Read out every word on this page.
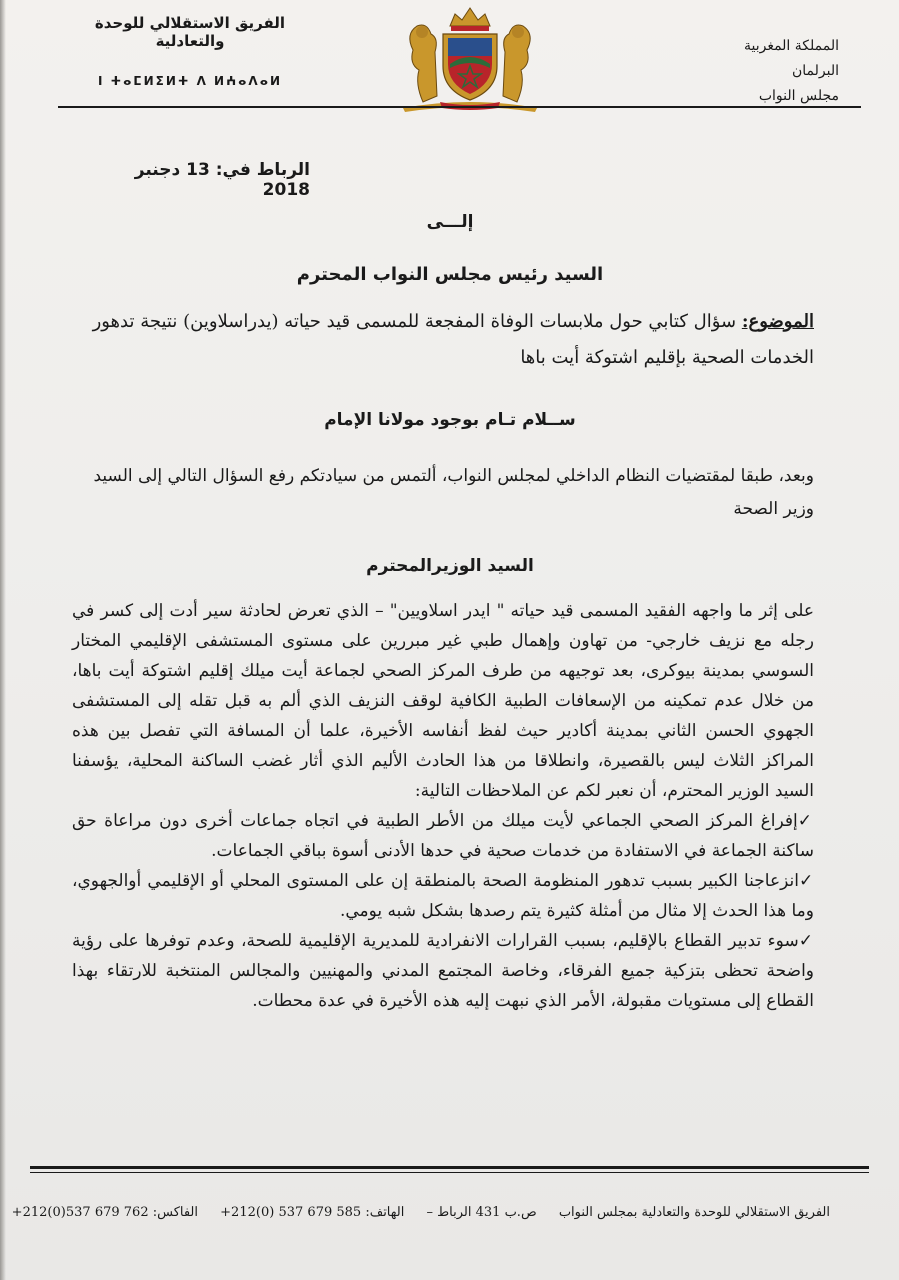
الفريق الاستقلالي للوحدة والتعادلية
ⵏ ⵜⴰⵎⵍⵉⵍⵜ ⴷ ⵍⵄⴰⴷⴰⵍ
المملكة المغربية
البرلمان
مجلس النواب
الرباط في: 13 دجنبر 2018
إلـــى
السيد رئيس مجلس النواب المحترم
الموضوع: سؤال كتابي حول ملابسات الوفاة المفجعة للمسمى قيد حياته (يدراسلاوين) نتيجة تدهور الخدمات الصحية بإقليم اشتوكة أيت باها
ســلام تـام بوجود مولانا الإمام
وبعد، طبقا لمقتضيات النظام الداخلي لمجلس النواب، ألتمس من سيادتكم رفع السؤال التالي إلى السيد وزير الصحة
السيد الوزيرالمحترم

على إثر ما واجهه الفقيد المسمى قيد حياته " ايدر اسلاويين" – الذي تعرض لحادثة سير أدت إلى كسر في رجله مع نزيف خارجي- من تهاون وإهمال طبي غير مبررين على مستوى المستشفى الإقليمي المختار السوسي بمدينة بيوكرى، بعد توجيهه من طرف المركز الصحي لجماعة أيت ميلك إقليم اشتوكة أيت باها، من خلال عدم تمكينه من الإسعافات الطبية الكافية لوقف النزيف الذي ألم به قبل تقله إلى المستشفى الجهوي الحسن الثاني بمدينة أكادير حيث لفظ أنفاسه الأخيرة، علما أن المسافة التي تفصل بين هذه المراكز الثلاث ليس بالقصيرة، وانطلاقا من هذا الحادث الأليم الذي أثار غضب الساكنة المحلية، يؤسفنا السيد الوزير المحترم، أن نعبر لكم عن الملاحظات التالية:

✓إفراغ المركز الصحي الجماعي لأيت ميلك من الأطر الطبية في اتجاه جماعات أخرى دون مراعاة حق ساكنة الجماعة في الاستفادة من خدمات صحية في حدها الأدنى أسوة بباقي الجماعات.

✓انزعاجنا الكبير بسبب تدهور المنظومة الصحة بالمنطقة إن على المستوى المحلي أو الإقليمي أوالجهوي، وما هذا الحدث إلا مثال من أمثلة كثيرة يتم رصدها بشكل شبه يومي.

✓سوء تدبير القطاع بالإقليم، بسبب القرارات الانفرادية للمديرية الإقليمية للصحة، وعدم توفرها على رؤية واضحة تحظى بتزكية جميع الفرقاء، وخاصة المجتمع المدني والمهنيين والمجالس المنتخبة للارتقاء بهذا القطاع إلى مستويات مقبولة، الأمر الذي نبهت إليه هذه الأخيرة في عدة محطات.

الفريق الاستقلالي للوحدة والتعادلية بمجلس النواب ص.ب 431 الرباط – الهاتف: 585 679 537 (0)212+ الفاكس: 762 679 537(0)212+
